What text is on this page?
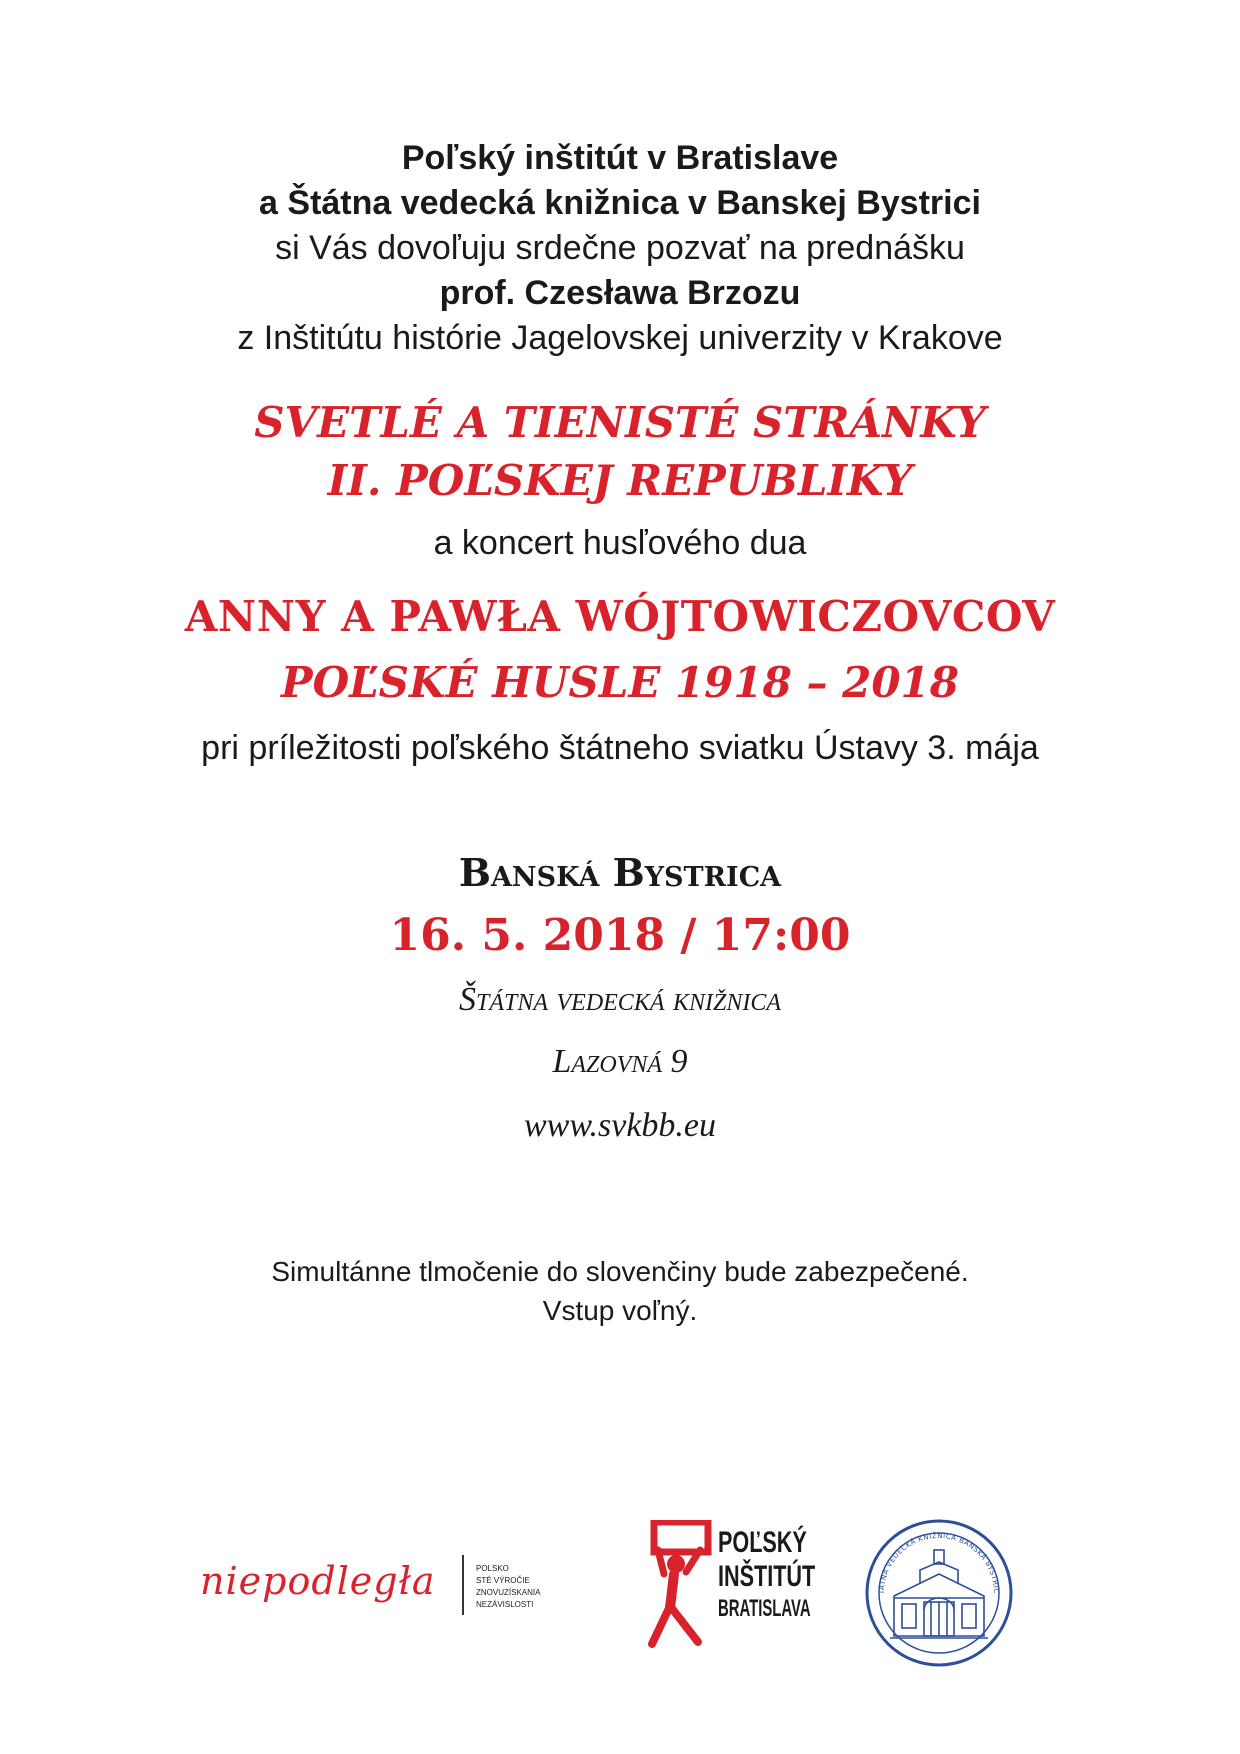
Poľský inštitút v Bratislave
a Štátna vedecká knižnica v Banskej Bystrici
si Vás dovoľuju srdečne pozvať na prednášku
prof. Czesława Brzozu
z Inštitútu histórie Jagelovskej univerzity v Krakove
SVETLÉ A TIENISTÉ STRÁNKY
II. POĽSKEJ REPUBLIKY
a koncert husľového dua
ANNY A PAWŁA WÓJTOWICZOVCOV
POĽSKÉ HUSLE 1918 – 2018
pri príležitosti poľského štátneho sviatku Ústavy 3. mája
Banská Bystrica
16. 5. 2018 / 17:00
Štátna vedecká knižnica
Lazovná 9
www.svkbb.eu
Simultánne tlmočenie do slovenčiny bude zabezpečené.
Vstup voľný.
niepodległa	POLSKO
STÉ VÝROČIE
ZNOVUZÍSKANIA
NEZÁVISLOSTI
POĽSKÝ
INŠTITÚT
BRATISLAVA
TÁTNA VEDECKÁ KNIŽNICA BANSKÁ BYSTRIC
